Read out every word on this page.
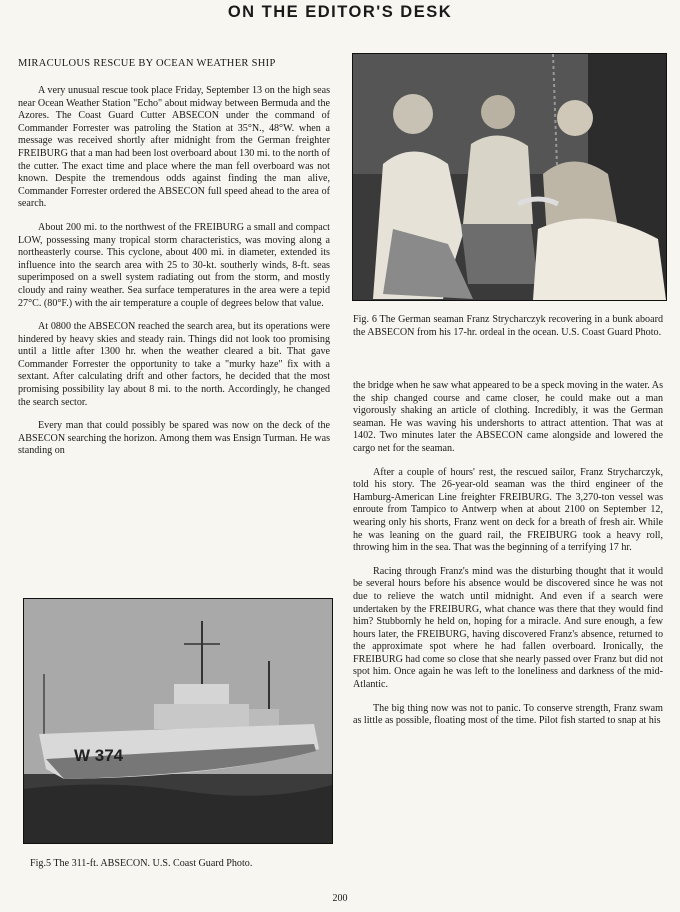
ON THE EDITOR'S DESK
MIRACULOUS RESCUE BY OCEAN WEATHER SHIP

A very unusual rescue took place Friday, September 13 on the high seas near Ocean Weather Station "Echo" about midway between Bermuda and the Azores. The Coast Guard Cutter ABSECON under the command of Commander Forrester was patroling the Station at 35°N., 48°W. when a message was received shortly after midnight from the German freighter FREIBURG that a man had been lost overboard about 130 mi. to the north of the cutter. The exact time and place where the man fell overboard was not known. Despite the tremendous odds against finding the man alive, Commander Forrester ordered the ABSECON full speed ahead to the area of search.

About 200 mi. to the northwest of the FREIBURG a small and compact LOW, possessing many tropical storm characteristics, was moving along a northeasterly course. This cyclone, about 400 mi. in diameter, extended its influence into the search area with 25 to 30-kt. southerly winds, 8-ft. seas superimposed on a swell system radiating out from the storm, and mostly cloudy and rainy weather. Sea surface temperatures in the area were a tepid 27°C. (80°F.) with the air temperature a couple of degrees below that value.

At 0800 the ABSECON reached the search area, but its operations were hindered by heavy skies and steady rain. Things did not look too promising until a little after 1300 hr. when the weather cleared a bit. That gave Commander Forrester the opportunity to take a "murky haze" fix with a sextant. After calculating drift and other factors, he decided that the most promising possibility lay about 8 mi. to the north. Accordingly, he changed the search sector.

Every man that could possibly be spared was now on the deck of the ABSECON searching the horizon. Among them was Ensign Turman. He was standing on

Fig. 6 The German seaman Franz Strycharczyk recovering in a bunk aboard the ABSECON from his 17-hr. ordeal in the ocean. U.S. Coast Guard Photo.

the bridge when he saw what appeared to be a speck moving in the water. As the ship changed course and came closer, he could make out a man vigorously shaking an article of clothing. Incredibly, it was the German seaman. He was waving his undershorts to attract attention. That was at 1402. Two minutes later the ABSECON came alongside and lowered the cargo net for the seaman.

After a couple of hours' rest, the rescued sailor, Franz Strycharczyk, told his story. The 26-year-old seaman was the third engineer of the Hamburg-American Line freighter FREIBURG. The 3,270-ton vessel was enroute from Tampico to Antwerp when at about 2100 on September 12, wearing only his shorts, Franz went on deck for a breath of fresh air. While he was leaning on the guard rail, the FREIBURG took a heavy roll, throwing him in the sea. That was the beginning of a terrifying 17 hr.

Racing through Franz's mind was the disturbing thought that it would be several hours before his absence would be discovered since he was not due to relieve the watch until midnight. And even if a search were undertaken by the FREIBURG, what chance was there that they would find him? Stubbornly he held on, hoping for a miracle. And sure enough, a few hours later, the FREIBURG, having discovered Franz's absence, returned to the approximate spot where he had fallen overboard. Ironically, the FREIBURG had come so close that she nearly passed over Franz but did not spot him. Once again he was left to the loneliness and darkness of the mid-Atlantic.

The big thing now was not to panic. To conserve strength, Franz swam as little as possible, floating most of the time. Pilot fish started to snap at his

W 374
Fig.5 The 311-ft. ABSECON. U.S. Coast Guard Photo.
200
